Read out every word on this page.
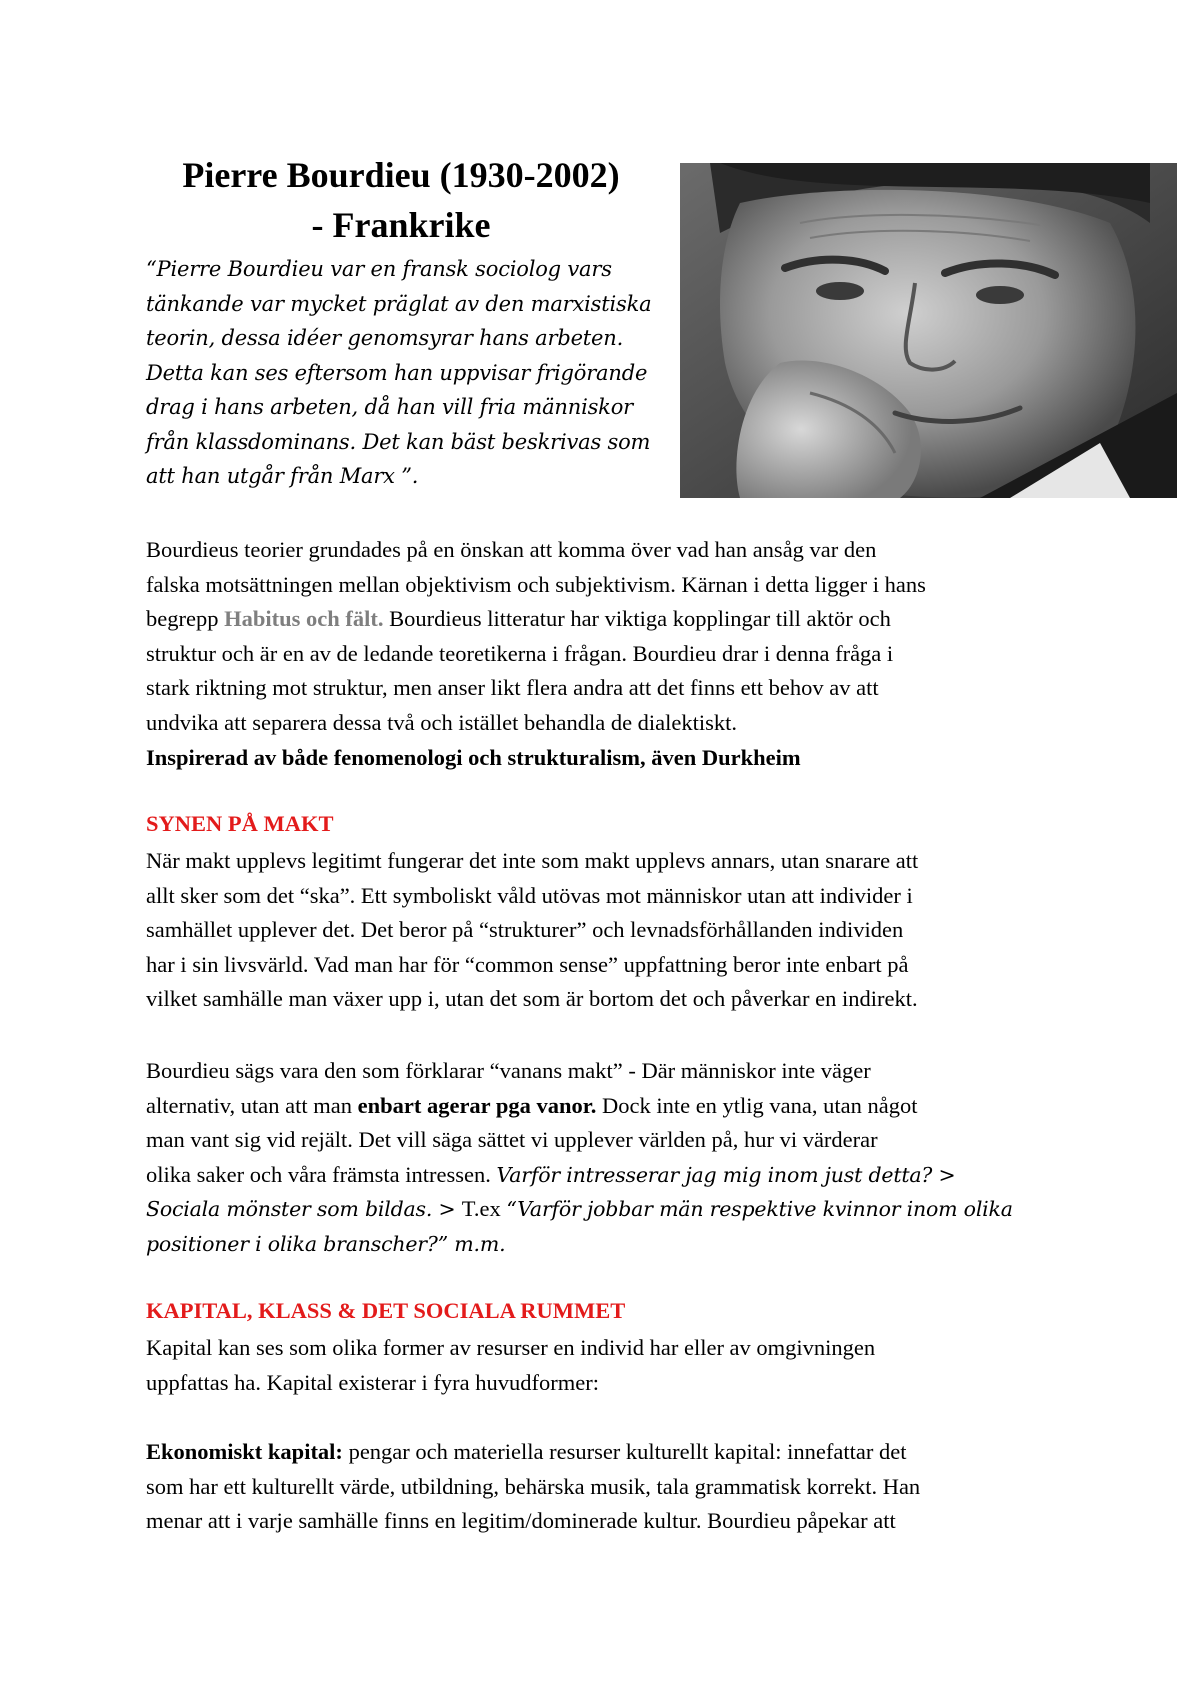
Pierre Bourdieu (1930-2002)
- Frankrike
“Pierre Bourdieu var en fransk sociolog vars
tänkande var mycket präglat av den marxistiska
teorin, dessa idéer genomsyrar hans arbeten.
Detta kan ses eftersom han uppvisar frigörande
drag i hans arbeten, då han vill fria människor
från klassdominans. Det kan bäst beskrivas som
att han utgår från Marx ”.
Bourdieus teorier grundades på en önskan att komma över vad han ansåg var den
falska motsättningen mellan objektivism och subjektivism. Kärnan i detta ligger i hans
begrepp Habitus och fält. Bourdieus litteratur har viktiga kopplingar till aktör och
struktur och är en av de ledande teoretikerna i frågan. Bourdieu drar i denna fråga i
stark riktning mot struktur, men anser likt flera andra att det finns ett behov av att
undvika att separera dessa två och istället behandla de dialektiskt.
Inspirerad av både fenomenologi och strukturalism, även Durkheim
SYNEN PÅ MAKT
När makt upplevs legitimt fungerar det inte som makt upplevs annars, utan snarare att
allt sker som det “ska”. Ett symboliskt våld utövas mot människor utan att individer i
samhället upplever det. Det beror på “strukturer” och levnadsförhållanden individen
har i sin livsvärld. Vad man har för “common sense” uppfattning beror inte enbart på
vilket samhälle man växer upp i, utan det som är bortom det och påverkar en indirekt.
Bourdieu sägs vara den som förklarar “vanans makt” - Där människor inte väger
alternativ, utan att man enbart agerar pga vanor. Dock inte en ytlig vana, utan något
man vant sig vid rejält. Det vill säga sättet vi upplever världen på, hur vi värderar
olika saker och våra främsta intressen. Varför intresserar jag mig inom just detta? >
Sociala mönster som bildas. > T.ex “Varför jobbar män respektive kvinnor inom olika
positioner i olika branscher?” m.m.
KAPITAL, KLASS & DET SOCIALA RUMMET
Kapital kan ses som olika former av resurser en individ har eller av omgivningen
uppfattas ha. Kapital existerar i fyra huvudformer:
Ekonomiskt kapital: pengar och materiella resurser kulturellt kapital: innefattar det
som har ett kulturellt värde, utbildning, behärska musik, tala grammatisk korrekt. Han
menar att i varje samhälle finns en legitim/dominerade kultur. Bourdieu påpekar att
